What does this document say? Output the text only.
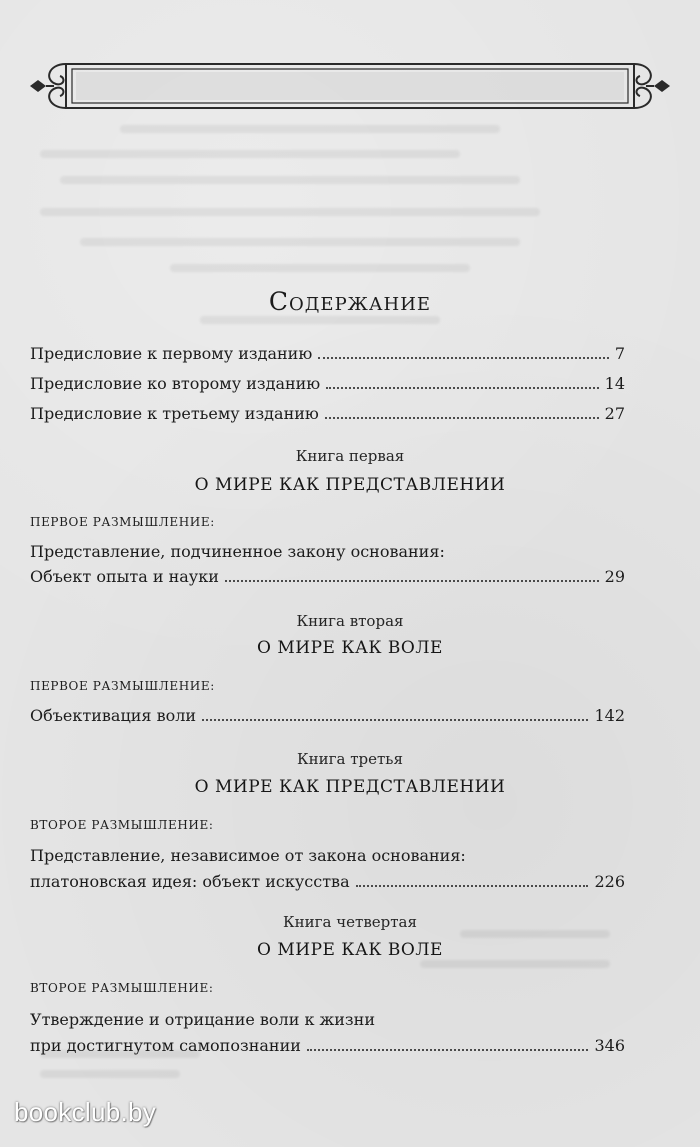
Содержание
Предисловие к первому изданию	7
Предисловие ко второму изданию	14
Предисловие к третьему изданию	27
Книга первая
О МИРЕ КАК ПРЕДСТАВЛЕНИИ
ПЕРВОЕ РАЗМЫШЛЕНИЕ:
Представление, подчиненное закону основания:
Объект опыта и науки	29
Книга вторая
О МИРЕ КАК ВОЛЕ
ПЕРВОЕ РАЗМЫШЛЕНИЕ:
Объективация воли	142
Книга третья
О МИРЕ КАК ПРЕДСТАВЛЕНИИ
ВТОРОЕ РАЗМЫШЛЕНИЕ:
Представление, независимое от закона основания:
платоновская идея: объект искусства	226
Книга четвертая
О МИРЕ КАК ВОЛЕ
ВТОРОЕ РАЗМЫШЛЕНИЕ:
Утверждение и отрицание воли к жизни
при достигнутом самопознании	346
bookclub.by
